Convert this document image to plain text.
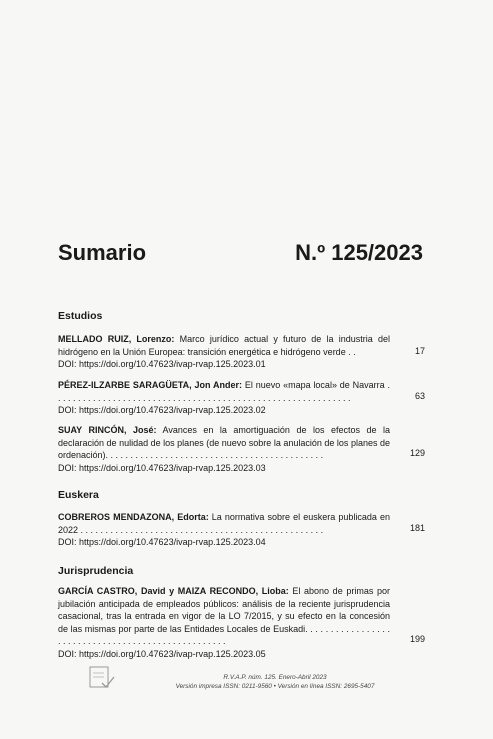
Sumario	N.º 125/2023
Estudios
MELLADO RUIZ, Lorenzo: Marco jurídico actual y futuro de la industria del hidrógeno en la Unión Europea: transición energética e hidrógeno verde . .
DOI: https://doi.org/10.47623/ivap-rvap.125.2023.01
17
PÉREZ-ILZARBE SARAGÜETA, Jon Ander: El nuevo «mapa local» de Navarra . . . . . . . . . . . . . . . . . . . . . . . . . . . . . . . . . . . . . . . . . . . . . . . . . . . . . . . . . . . .
DOI: https://doi.org/10.47623/ivap-rvap.125.2023.02
63
SUAY RINCÓN, José: Avances en la amortiguación de los efectos de la declaración de nulidad de los planes (de nuevo sobre la anulación de los planes de ordenación). . . . . . . . . . . . . . . . . . . . . . . . . . . . . . . . . . . . . . . . . . . .
DOI: https://doi.org/10.47623/ivap-rvap.125.2023.03
129
Euskera
COBREROS MENDAZONA, Edorta: La normativa sobre el euskera publicada en 2022 . . . . . . . . . . . . . . . . . . . . . . . . . . . . . . . . . . . . . . . . . . . . . . . . .
DOI: https://doi.org/10.47623/ivap-rvap.125.2023.04
181
Jurisprudencia
GARCÍA CASTRO, David y MAIZA RECONDO, Lioba: El abono de primas por jubilación anticipada de empleados públicos: análisis de la reciente jurisprudencia casacional, tras la entrada en vigor de la LO 7/2015, y su efecto en la concesión de las mismas por parte de las Entidades Locales de Euskadi. . . . . . . . . . . . . . . . . . . . . . . . . . . . . . . . . . . . . . . . . . . . . . . . . . .
DOI: https://doi.org/10.47623/ivap-rvap.125.2023.05
199
R.V.A.P. núm. 125. Enero-Abril 2023
Versión impresa ISSN: 0211-9560 • Versión en línea ISSN: 2695-5407
